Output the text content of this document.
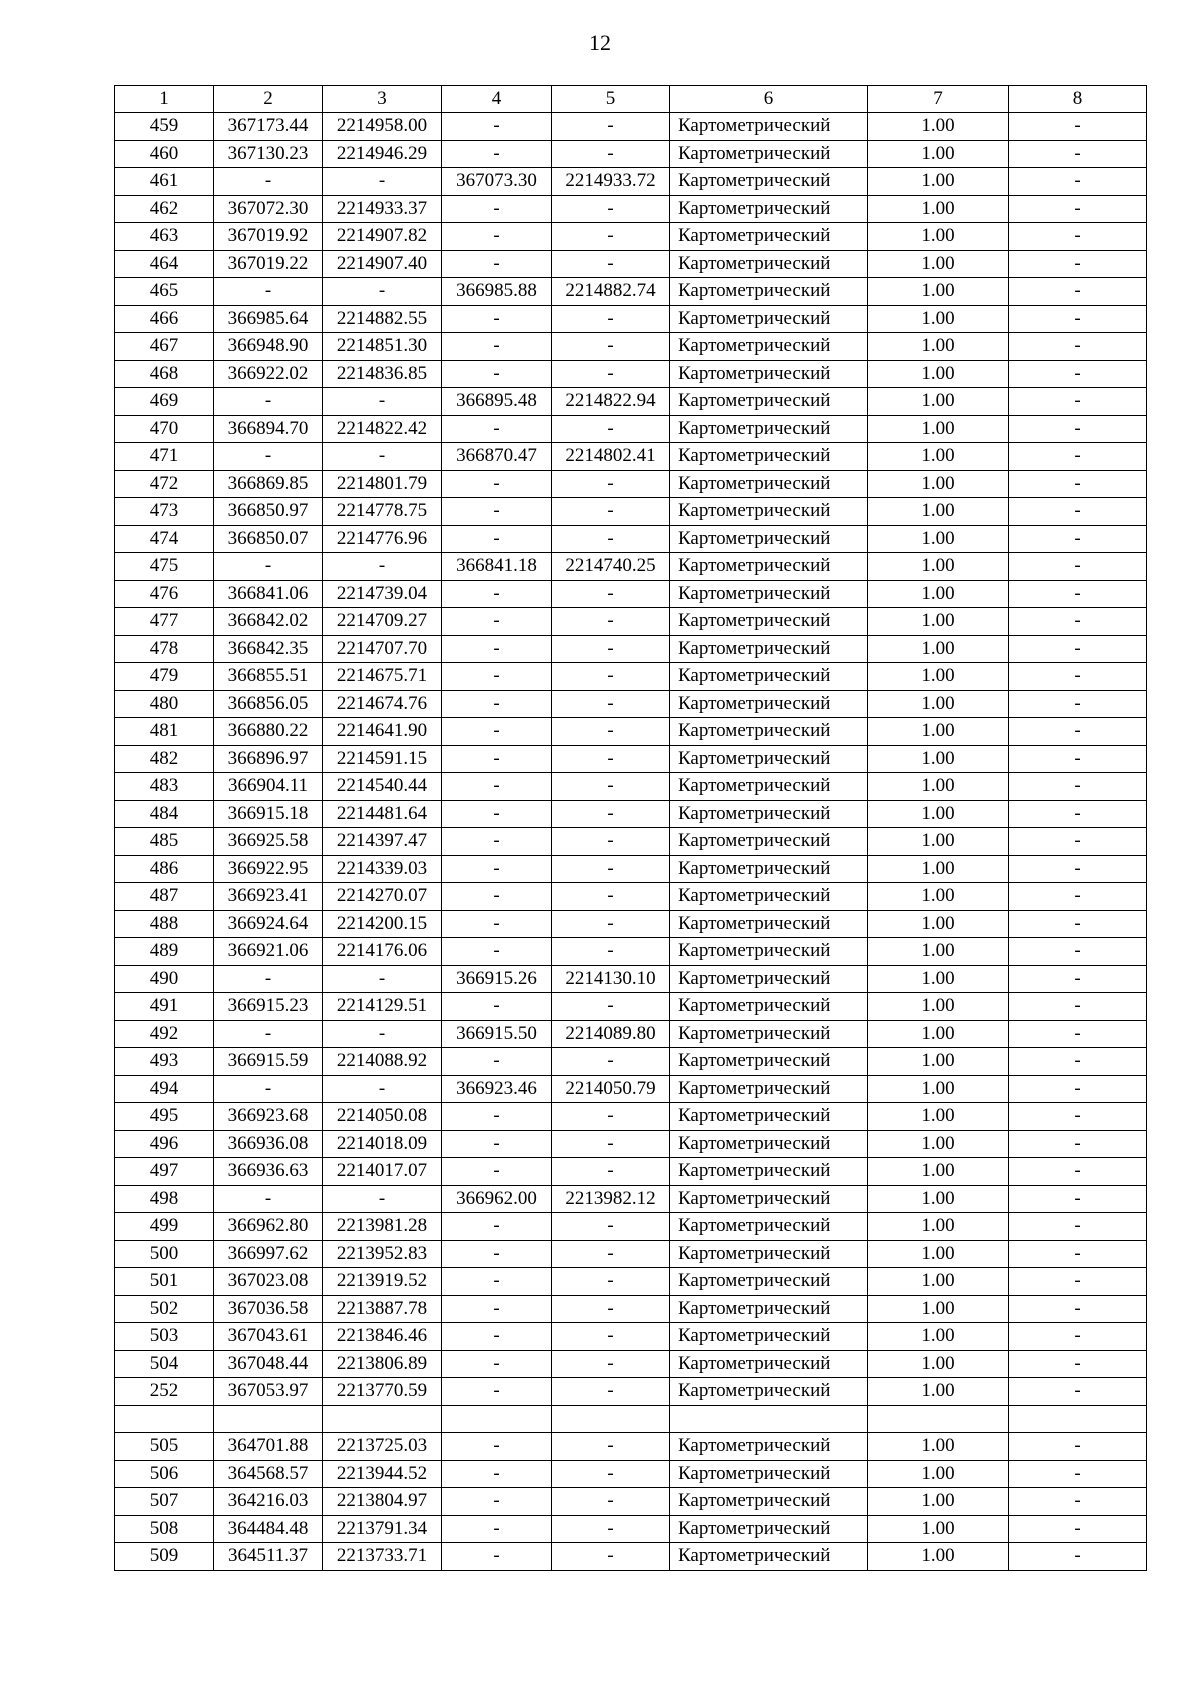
12
1	2	3	4	5	6	7	8
459	367173.44	2214958.00	-	-	Картометрический	1.00	-
460	367130.23	2214946.29	-	-	Картометрический	1.00	-
461	-	-	367073.30	2214933.72	Картометрический	1.00	-
462	367072.30	2214933.37	-	-	Картометрический	1.00	-
463	367019.92	2214907.82	-	-	Картометрический	1.00	-
464	367019.22	2214907.40	-	-	Картометрический	1.00	-
465	-	-	366985.88	2214882.74	Картометрический	1.00	-
466	366985.64	2214882.55	-	-	Картометрический	1.00	-
467	366948.90	2214851.30	-	-	Картометрический	1.00	-
468	366922.02	2214836.85	-	-	Картометрический	1.00	-
469	-	-	366895.48	2214822.94	Картометрический	1.00	-
470	366894.70	2214822.42	-	-	Картометрический	1.00	-
471	-	-	366870.47	2214802.41	Картометрический	1.00	-
472	366869.85	2214801.79	-	-	Картометрический	1.00	-
473	366850.97	2214778.75	-	-	Картометрический	1.00	-
474	366850.07	2214776.96	-	-	Картометрический	1.00	-
475	-	-	366841.18	2214740.25	Картометрический	1.00	-
476	366841.06	2214739.04	-	-	Картометрический	1.00	-
477	366842.02	2214709.27	-	-	Картометрический	1.00	-
478	366842.35	2214707.70	-	-	Картометрический	1.00	-
479	366855.51	2214675.71	-	-	Картометрический	1.00	-
480	366856.05	2214674.76	-	-	Картометрический	1.00	-
481	366880.22	2214641.90	-	-	Картометрический	1.00	-
482	366896.97	2214591.15	-	-	Картометрический	1.00	-
483	366904.11	2214540.44	-	-	Картометрический	1.00	-
484	366915.18	2214481.64	-	-	Картометрический	1.00	-
485	366925.58	2214397.47	-	-	Картометрический	1.00	-
486	366922.95	2214339.03	-	-	Картометрический	1.00	-
487	366923.41	2214270.07	-	-	Картометрический	1.00	-
488	366924.64	2214200.15	-	-	Картометрический	1.00	-
489	366921.06	2214176.06	-	-	Картометрический	1.00	-
490	-	-	366915.26	2214130.10	Картометрический	1.00	-
491	366915.23	2214129.51	-	-	Картометрический	1.00	-
492	-	-	366915.50	2214089.80	Картометрический	1.00	-
493	366915.59	2214088.92	-	-	Картометрический	1.00	-
494	-	-	366923.46	2214050.79	Картометрический	1.00	-
495	366923.68	2214050.08	-	-	Картометрический	1.00	-
496	366936.08	2214018.09	-	-	Картометрический	1.00	-
497	366936.63	2214017.07	-	-	Картометрический	1.00	-
498	-	-	366962.00	2213982.12	Картометрический	1.00	-
499	366962.80	2213981.28	-	-	Картометрический	1.00	-
500	366997.62	2213952.83	-	-	Картометрический	1.00	-
501	367023.08	2213919.52	-	-	Картометрический	1.00	-
502	367036.58	2213887.78	-	-	Картометрический	1.00	-
503	367043.61	2213846.46	-	-	Картометрический	1.00	-
504	367048.44	2213806.89	-	-	Картометрический	1.00	-
252	367053.97	2213770.59	-	-	Картометрический	1.00	-

505	364701.88	2213725.03	-	-	Картометрический	1.00	-
506	364568.57	2213944.52	-	-	Картометрический	1.00	-
507	364216.03	2213804.97	-	-	Картометрический	1.00	-
508	364484.48	2213791.34	-	-	Картометрический	1.00	-
509	364511.37	2213733.71	-	-	Картометрический	1.00	-
